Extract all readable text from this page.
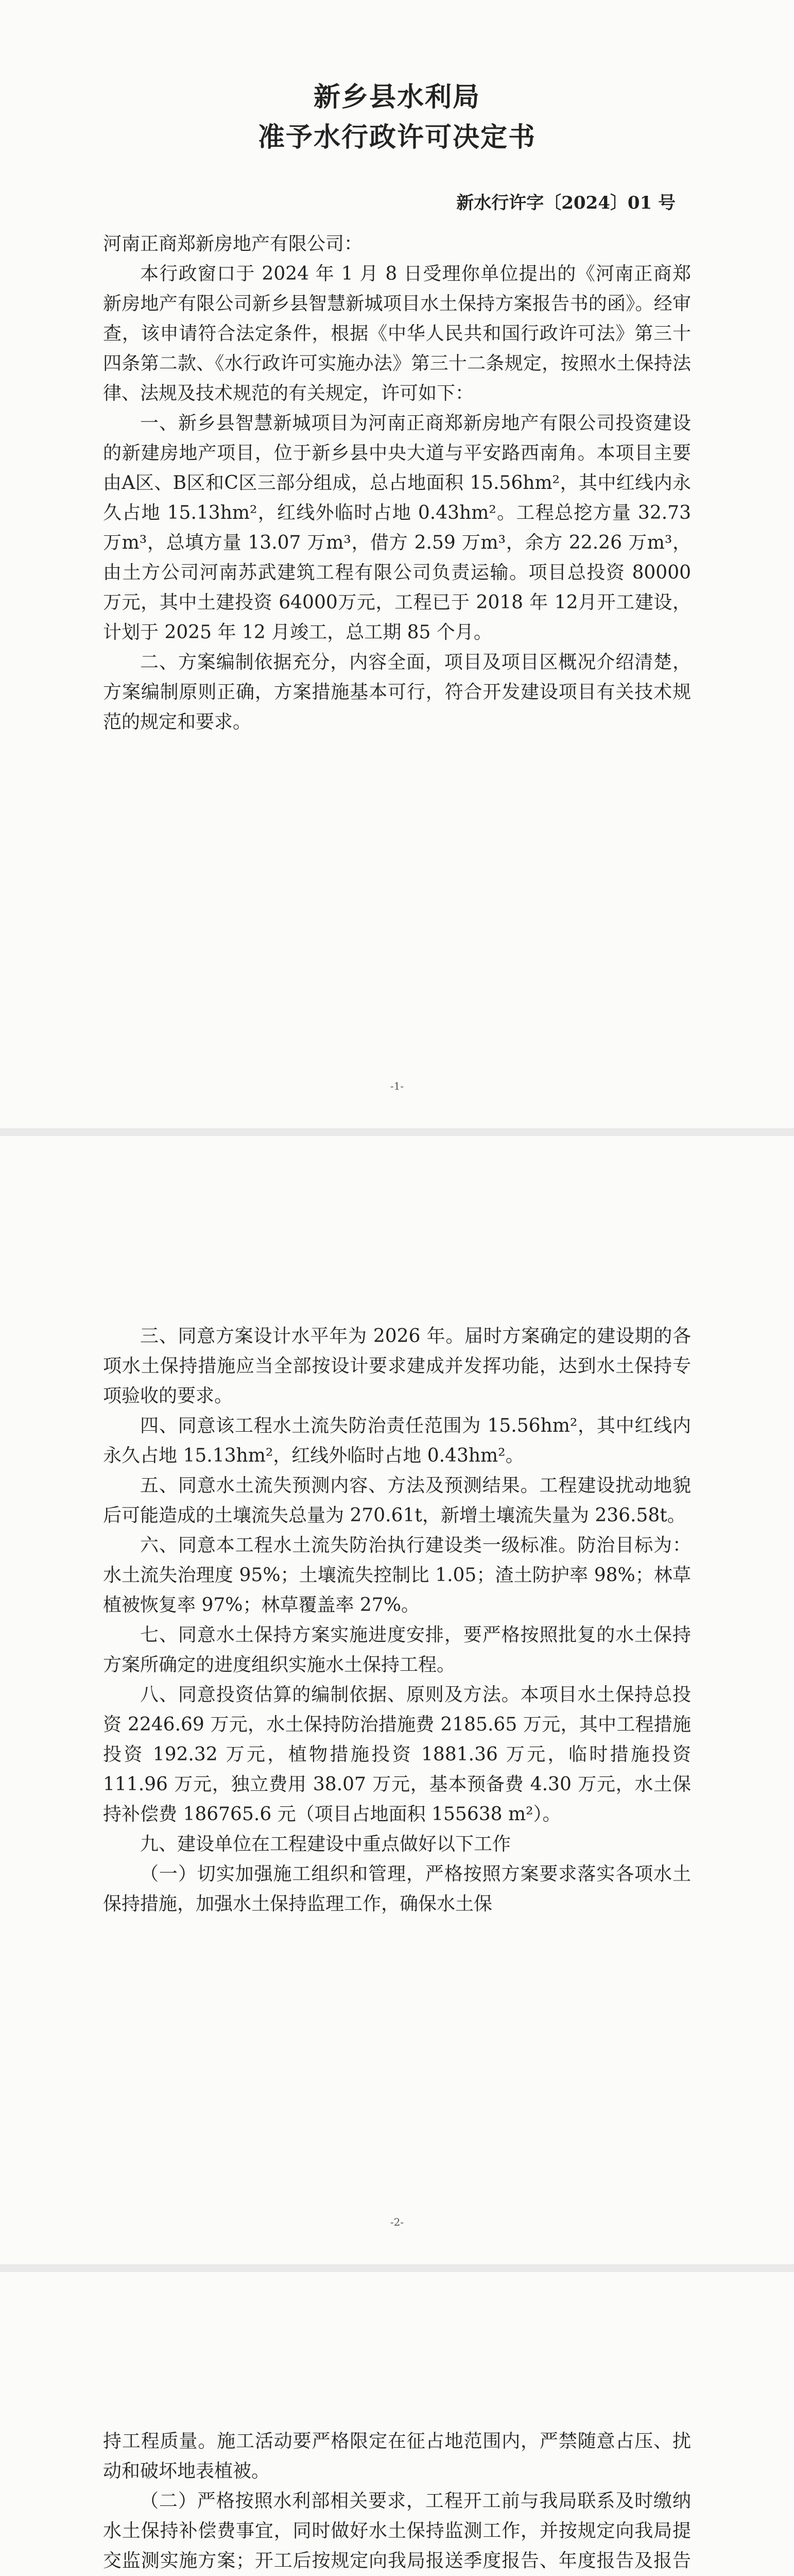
新乡县水利局
准予水行政许可决定书
新水行许字〔2024〕01 号
河南正商郑新房地产有限公司：

本行政窗口于 2024 年 1 月 8 日受理你单位提出的《河南正商郑新房地产有限公司新乡县智慧新城项目水土保持方案报告书的函》。经审查，该申请符合法定条件，根据《中华人民共和国行政许可法》第三十四条第二款、《水行政许可实施办法》第三十二条规定，按照水土保持法律、法规及技术规范的有关规定，许可如下：

一、新乡县智慧新城项目为河南正商郑新房地产有限公司投资建设的新建房地产项目，位于新乡县中央大道与平安路西南角。本项目主要由A区、B区和C区三部分组成，总占地面积 15.56hm²，其中红线内永久占地 15.13hm²，红线外临时占地 0.43hm²。工程总挖方量 32.73 万m³，总填方量 13.07 万m³，借方 2.59 万m³，余方 22.26 万m³，由土方公司河南苏武建筑工程有限公司负责运输。项目总投资 80000 万元，其中土建投资 64000万元，工程已于 2018 年 12月开工建设，计划于 2025 年 12 月竣工，总工期 85 个月。

二、方案编制依据充分，内容全面，项目及项目区概况介绍清楚，方案编制原则正确，方案措施基本可行，符合开发建设项目有关技术规范的规定和要求。

-1-

三、同意方案设计水平年为 2026 年。届时方案确定的建设期的各项水土保持措施应当全部按设计要求建成并发挥功能，达到水土保持专项验收的要求。

四、同意该工程水土流失防治责任范围为 15.56hm²，其中红线内永久占地 15.13hm²，红线外临时占地 0.43hm²。

五、同意水土流失预测内容、方法及预测结果。工程建设扰动地貌后可能造成的土壤流失总量为 270.61t，新增土壤流失量为 236.58t。

六、同意本工程水土流失防治执行建设类一级标准。防治目标为：水土流失治理度 95%；土壤流失控制比 1.05；渣土防护率 98%；林草植被恢复率 97%；林草覆盖率 27%。

七、同意水土保持方案实施进度安排，要严格按照批复的水土保持方案所确定的进度组织实施水土保持工程。

八、同意投资估算的编制依据、原则及方法。本项目水土保持总投资 2246.69 万元，水土保持防治措施费 2185.65 万元，其中工程措施投资 192.32 万元，植物措施投资 1881.36 万元，临时措施投资 111.96 万元，独立费用 38.07 万元，基本预备费 4.30 万元，水土保持补偿费 186765.6 元（项目占地面积 155638 m²）。

九、建设单位在工程建设中重点做好以下工作

（一）切实加强施工组织和管理，严格按照方案要求落实各项水土保持措施，加强水土保持监理工作，确保水土保

-2-

持工程质量。施工活动要严格限定在征占地范围内，严禁随意占压、扰动和破坏地表植被。

（二）严格按照水利部相关要求，工程开工前与我局联系及时缴纳水土保持补偿费事宜，同时做好水土保持监测工作，并按规定向我局提交监测实施方案；开工后按规定向我局报送季度报告、年度报告及报告
